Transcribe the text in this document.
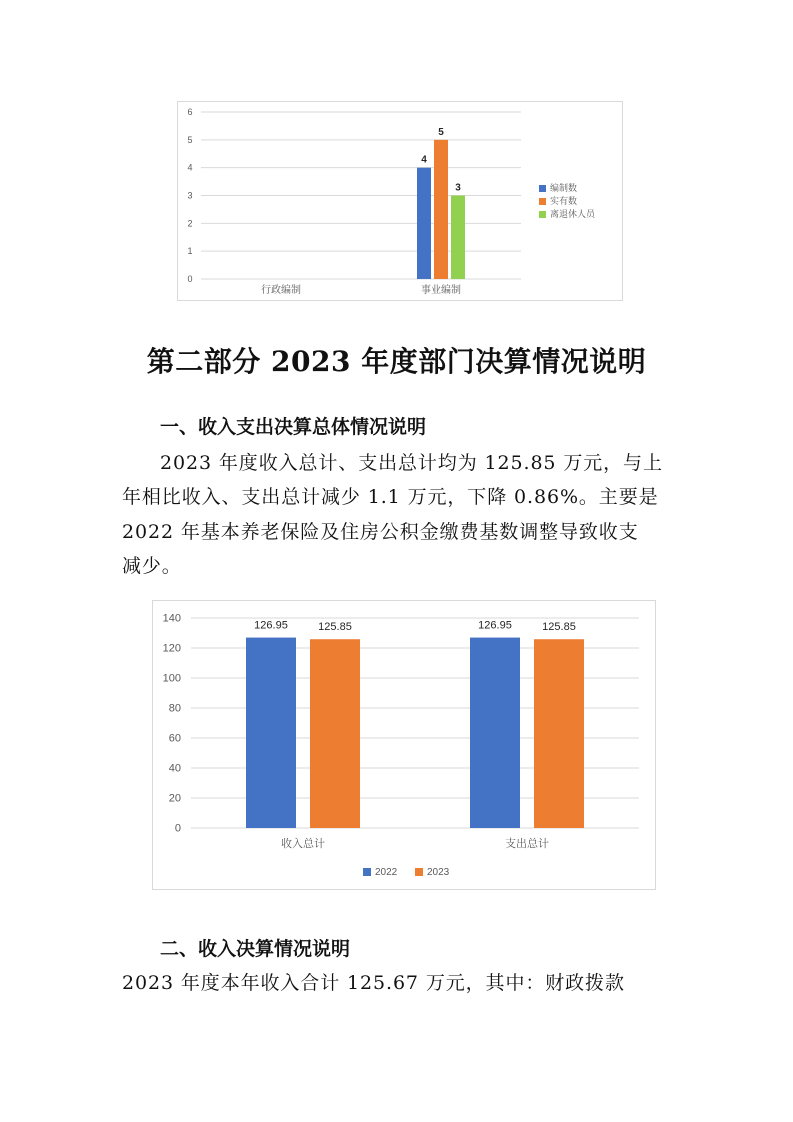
0
1
2
3
4
5
6
行政编制	事业编制
4
5
3	编制数
实有数
离退休人员
第二部分 2023 年度部门决算情况说明
一、收入支出决算总体情况说明
2023 年度收入总计、支出总计均为 125.85 万元，与上
年相比收入、支出总计减少 1.1 万元，下降 0.86%。主要是
2022 年基本养老保险及住房公积金缴费基数调整导致收支
减少。
0
20
40
60
80
100
120
140
收入总计
126.95	125.85
支出总计
126.95	125.85
2022	2023
二、收入决算情况说明
2023 年度本年收入合计 125.67 万元，其中：财政拨款
